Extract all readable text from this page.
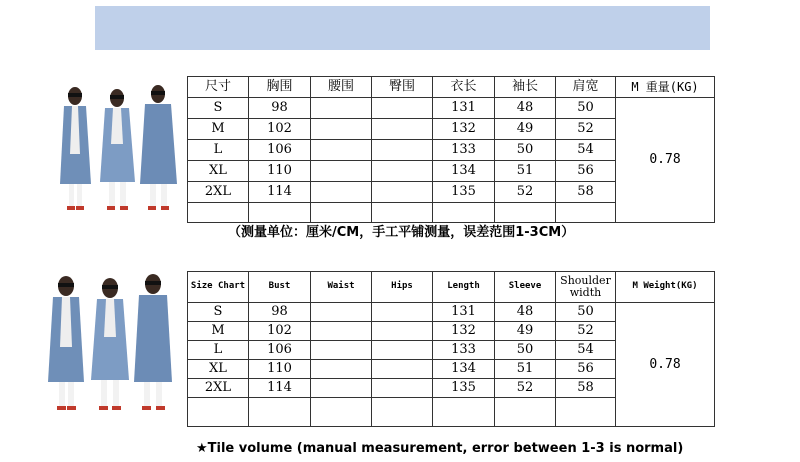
尺寸	胸围	腰围	臀围	衣长	袖长	肩宽	M 重量(KG)
S	98			131	48	50	0.78
M	102			132	49	52	
L	106			133	50	54	
XL	110			134	51	56	
2XL	114			135	52	58	

（测量单位：厘米/CM，手工平铺测量，误差范围1-3CM）
Size Chart	Bust	Waist	Hips	Length	Sleeve	Shoulder width	M Weight(KG)
S	98			131	48	50	0.78
M	102			132	49	52	
L	106			133	50	54	
XL	110			134	51	56	
2XL	114			135	52	58	

★Tile volume (manual measurement, error between 1-3 is normal)
